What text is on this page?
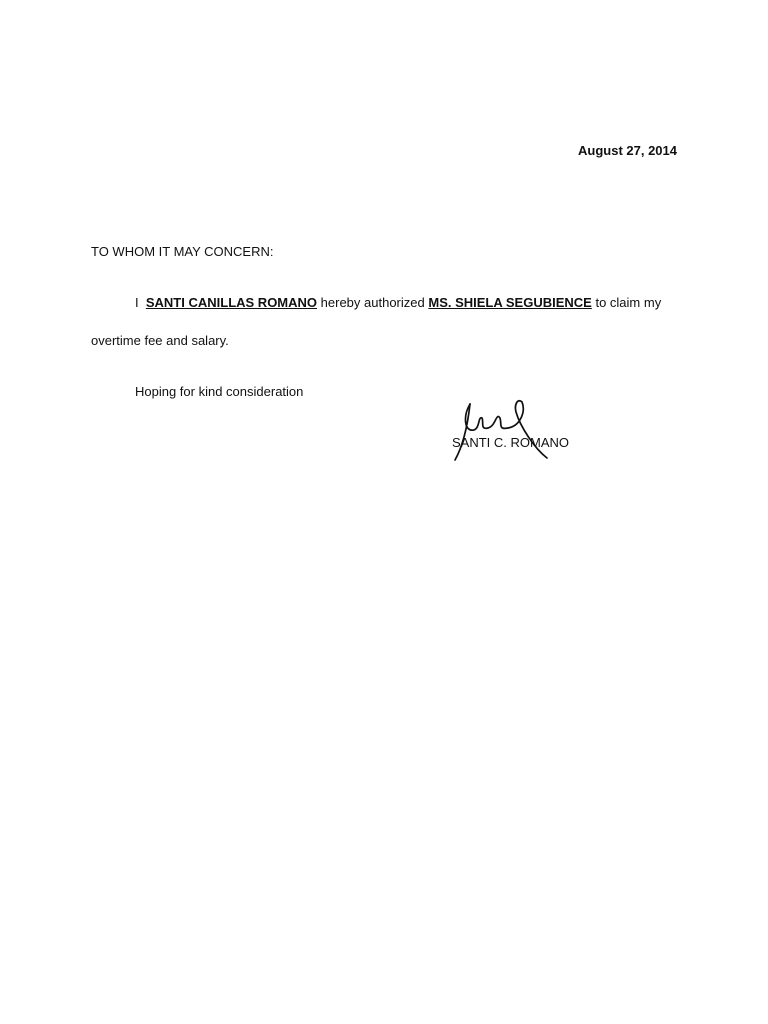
August 27, 2014
TO WHOM IT MAY CONCERN:
I SANTI CANILLAS ROMANO hereby authorized MS. SHIELA SEGUBIENCE to claim my
overtime fee and salary.
Hoping for kind consideration
SANTI C. ROMANO
